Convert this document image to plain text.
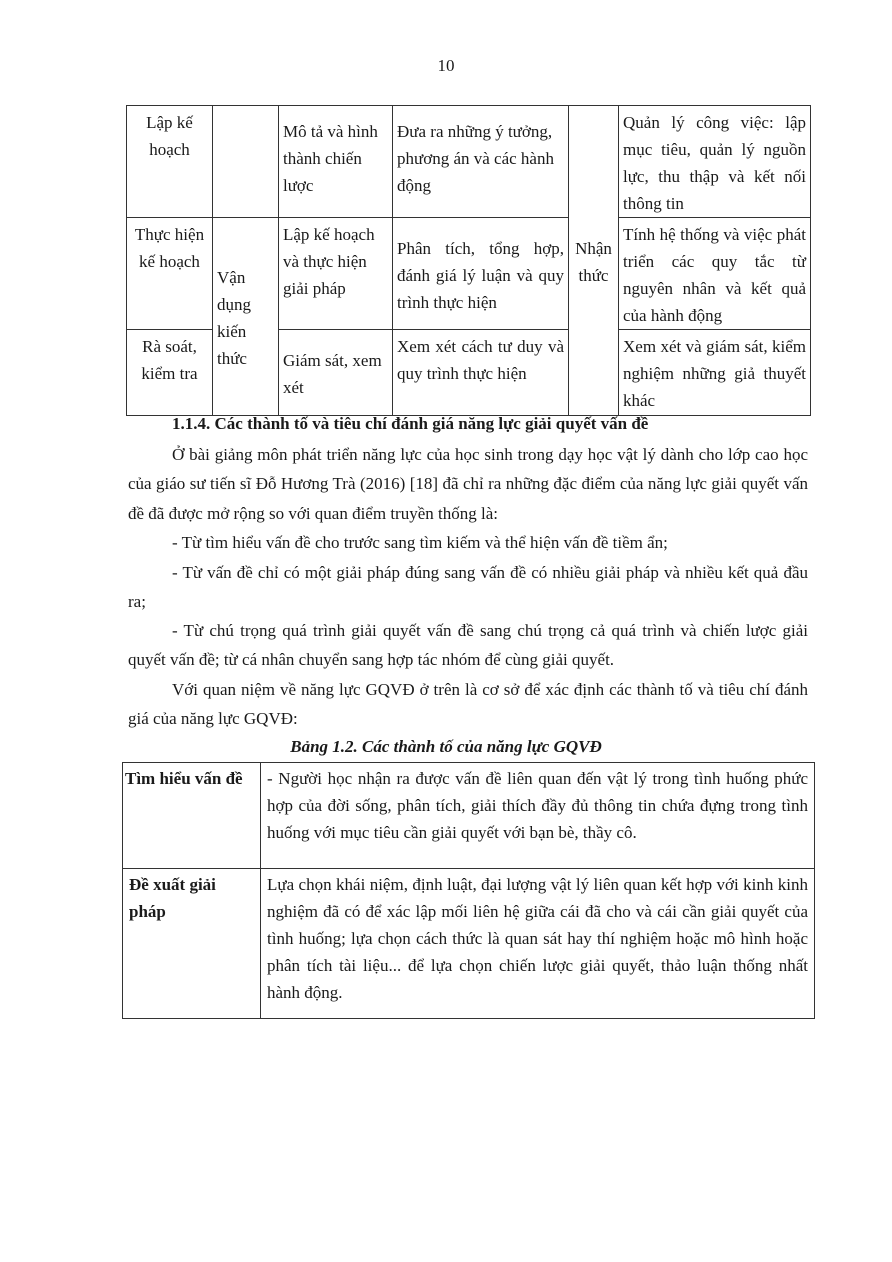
10
Lập kế hoạch		Mô tả và hình thành chiến lược	Đưa ra những ý tưởng, phương án và các hành động	Nhận thức	Quản lý công việc: lập mục tiêu, quản lý nguồn lực, thu thập và kết nối thông tin
Thực hiện kế hoạch	Vận dụng kiến thức	Lập kế hoạch và thực hiện giải pháp	Phân tích, tổng hợp, đánh giá lý luận và quy trình thực hiện		Tính hệ thống và việc phát triển các quy tắc từ nguyên nhân và kết quả của hành động
Rà soát, kiểm tra		Giám sát, xem xét	Xem xét cách tư duy và quy trình thực hiện		Xem xét và giám sát, kiểm nghiệm những giả thuyết khác
1.1.4. Các thành tố và tiêu chí đánh giá năng lực giải quyết vấn đề
Ở bài giảng môn phát triển năng lực của học sinh trong dạy học vật lý dành cho lớp cao học của giáo sư tiến sĩ Đỗ Hương Trà (2016) [18] đã chỉ ra những đặc điểm của năng lực giải quyết vấn đề đã được mở rộng so với quan điểm truyền thống là:
- Từ tìm hiểu vấn đề cho trước sang tìm kiếm và thể hiện vấn đề tiềm ẩn;
- Từ vấn đề chỉ có một giải pháp đúng sang vấn đề có nhiều giải pháp và nhiều kết quả đầu ra;
- Từ chú trọng quá trình giải quyết vấn đề sang chú trọng cả quá trình và chiến lược giải quyết vấn đề; từ cá nhân chuyển sang hợp tác nhóm để cùng giải quyết.
Với quan niệm về năng lực GQVĐ ở trên là cơ sở để xác định các thành tố và tiêu chí đánh giá của năng lực GQVĐ:
Bảng 1.2. Các thành tố của năng lực GQVĐ
Tìm hiểu vấn đề	- Người học nhận ra được vấn đề liên quan đến vật lý trong tình huống phức hợp của đời sống, phân tích, giải thích đầy đủ thông tin chứa đựng trong tình huống với mục tiêu cần giải quyết với bạn bè, thầy cô.
Đề xuất giải pháp	Lựa chọn khái niệm, định luật, đại lượng vật lý liên quan kết hợp với kinh kinh nghiệm đã có để xác lập mối liên hệ giữa cái đã cho và cái cần giải quyết của tình huống; lựa chọn cách thức là quan sát hay thí nghiệm hoặc mô hình hoặc phân tích tài liệu... để lựa chọn chiến lược giải quyết, thảo luận thống nhất hành động.
